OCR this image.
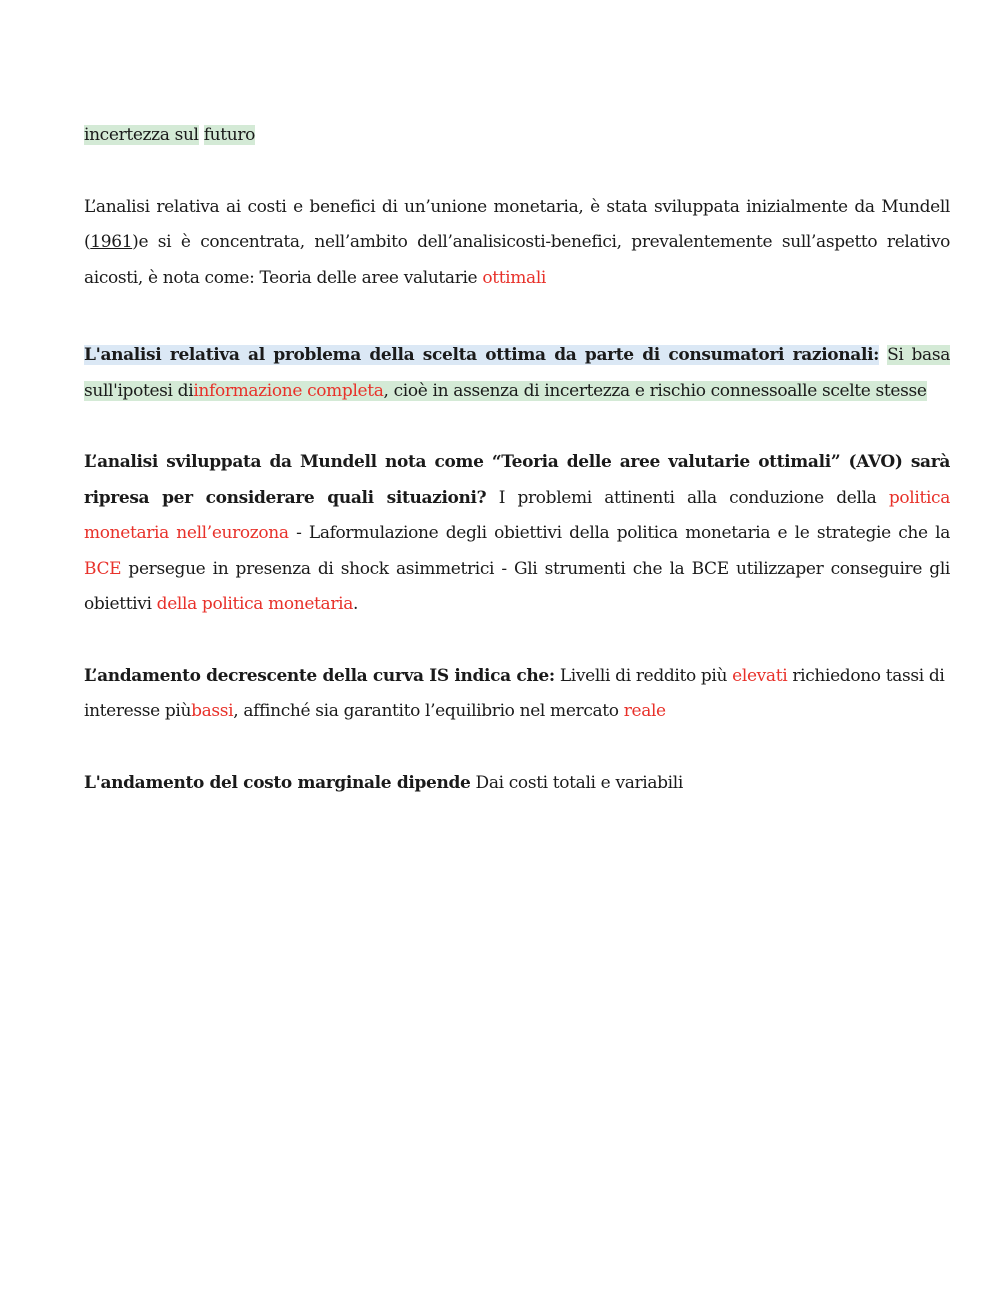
incertezza sul futuro

L’analisi relativa ai costi e benefici di un’unione monetaria, è stata sviluppata inizialmente da Mundell (1961)e si è concentrata, nell’ambito dell’analisicosti-benefici, prevalentemente sull’aspetto relativo aicosti, è nota come: Teoria delle aree valutarie ottimali

L'analisi relativa al problema della scelta ottima da parte di consumatori razionali: Si basa sull'ipotesi diinformazione completa, cioè in assenza di incertezza e rischio connessoalle scelte stesse

L’analisi sviluppata da Mundell nota come “Teoria delle aree valutarie ottimali” (AVO) sarà ripresa per considerare quali situazioni? I problemi attinenti alla conduzione della politica monetaria nell’eurozona - Laformulazione degli obiettivi della politica monetaria e le strategie che la BCE persegue in presenza di shock asimmetrici - Gli strumenti che la BCE utilizzaper conseguire gli obiettivi della politica monetaria.

L’andamento decrescente della curva IS indica che: Livelli di reddito più elevati richiedono tassi di interesse piùbassi, affinché sia garantito l’equilibrio nel mercato reale

L'andamento del costo marginale dipende Dai costi totali e variabili
